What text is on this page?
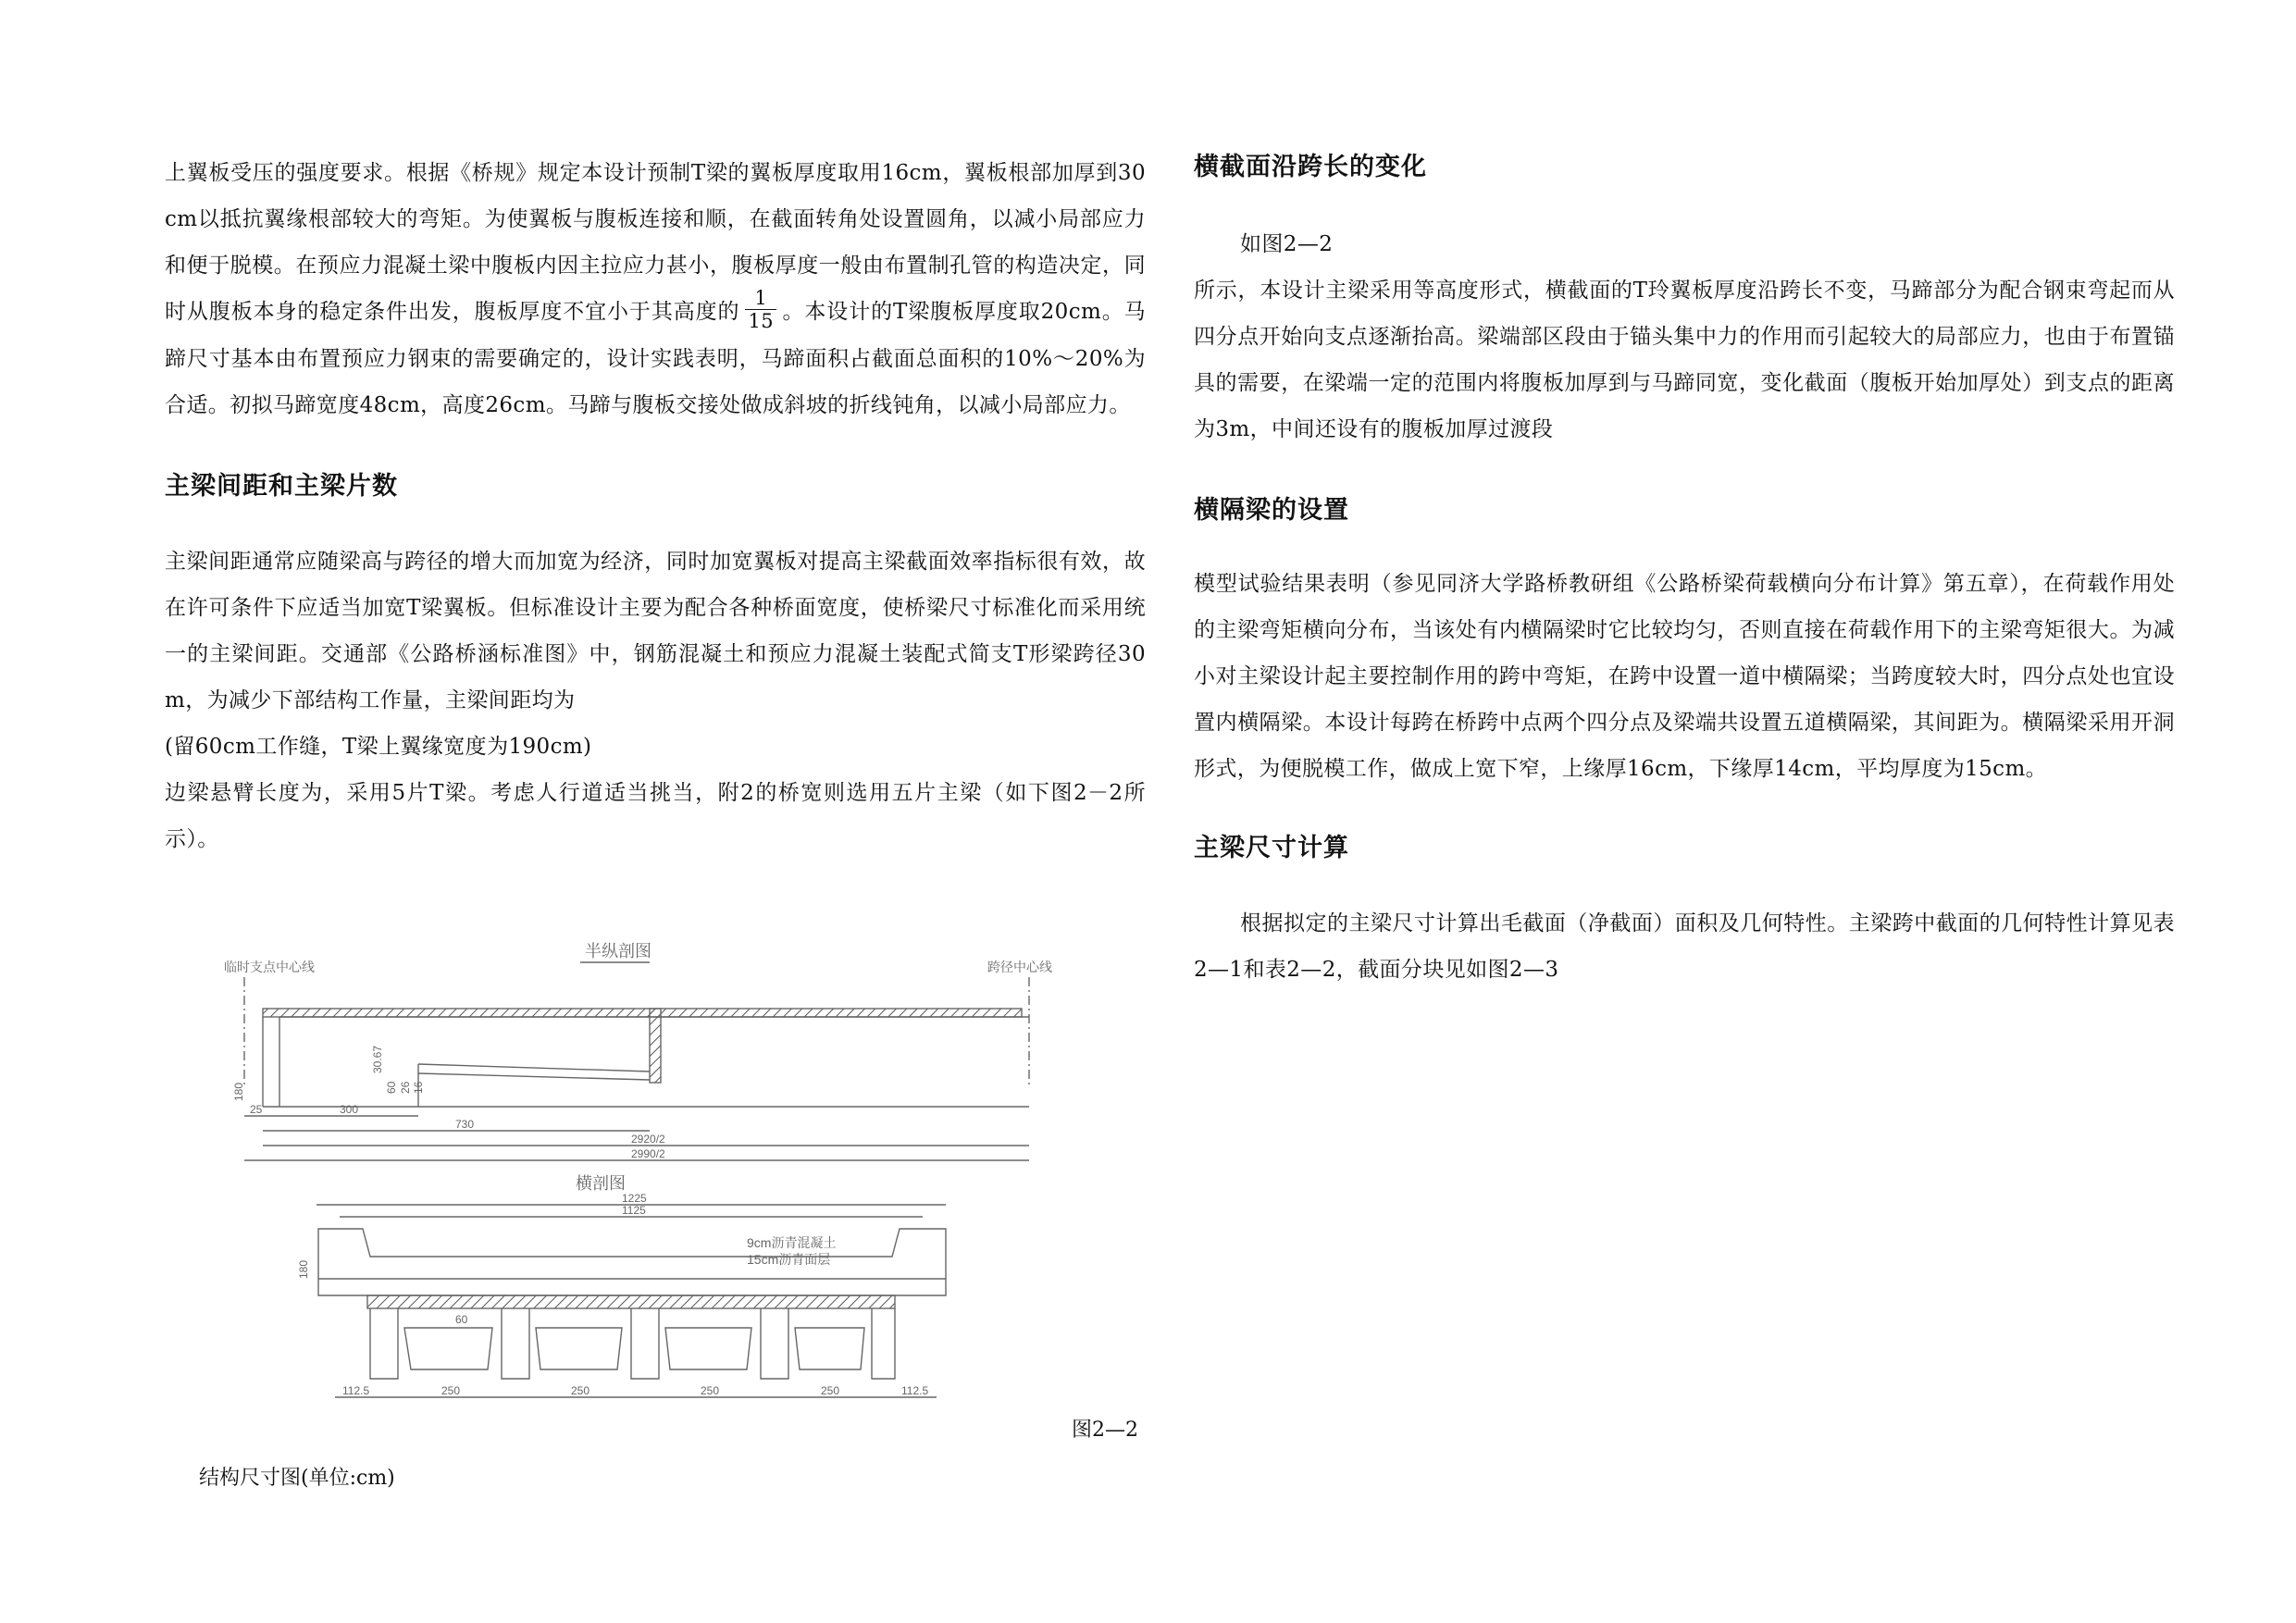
上翼板受压的强度要求。根据《桥规》规定本设计预制T梁的翼板厚度取用16cm，翼板根部加厚到30cm以抵抗翼缘根部较大的弯矩。为使翼板与腹板连接和顺，在截面转角处设置圆角，以减小局部应力和便于脱模。在预应力混凝土梁中腹板内因主拉应力甚小，腹板厚度一般由布置制孔管的构造决定，同时从腹板本身的稳定条件出发，腹板厚度不宜小于其高度的 $\frac{1}{15}$ 。本设计的T梁腹板厚度取20cm。马蹄尺寸基本由布置预应力钢束的需要确定的，设计实践表明，马蹄面积占截面总面积的10%～20%为合适。初拟马蹄宽度48cm，高度26cm。马蹄与腹板交接处做成斜坡的折线钝角，以减小局部应力。

主梁间距和主梁片数

主梁间距通常应随梁高与跨径的增大而加宽为经济，同时加宽翼板对提高主梁截面效率指标很有效，故在许可条件下应适当加宽T梁翼板。但标准设计主要为配合各种桥面宽度，使桥梁尺寸标准化而采用统一的主梁间距。交通部《公路桥涵标准图》中，钢筋混凝土和预应力混凝土装配式简支T形梁跨径30m，为减少下部结构工作量，主梁间距均为

(留60cm工作缝，T梁上翼缘宽度为190cm)

边梁悬臂长度为，采用5片T梁。考虑人行道适当挑当，附2的桥宽则选用五片主梁（如下图2－2所示）。

半纵剖图
临时支点中心线	跨径中心线
180
30.67
60 26 16
25	300
730
2920/2
2990/2
横剖图
1225
1125
180
9cm沥青混凝土
15cm沥青面层
60
112.5	250	250	250	250	112.5
图2—2
结构尺寸图(单位:cm)
横截面沿跨长的变化

如图2—2

所示，本设计主梁采用等高度形式，横截面的T玲翼板厚度沿跨长不变，马蹄部分为配合钢束弯起而从四分点开始向支点逐渐抬高。梁端部区段由于锚头集中力的作用而引起较大的局部应力，也由于布置锚具的需要，在梁端一定的范围内将腹板加厚到与马蹄同宽，变化截面（腹板开始加厚处）到支点的距离为3m，中间还设有的腹板加厚过渡段

横隔梁的设置

模型试验结果表明（参见同济大学路桥教研组《公路桥梁荷载横向分布计算》第五章），在荷载作用处的主梁弯矩横向分布，当该处有内横隔梁时它比较均匀，否则直接在荷载作用下的主梁弯矩很大。为减小对主梁设计起主要控制作用的跨中弯矩，在跨中设置一道中横隔梁；当跨度较大时，四分点处也宜设置内横隔梁。本设计每跨在桥跨中点两个四分点及梁端共设置五道横隔梁，其间距为。横隔梁采用开洞形式，为便脱模工作，做成上宽下窄，上缘厚16cm，下缘厚14cm，平均厚度为15cm。

主梁尺寸计算

根据拟定的主梁尺寸计算出毛截面（净截面）面积及几何特性。主梁跨中截面的几何特性计算见表2—1和表2—2，截面分块见如图2—3
